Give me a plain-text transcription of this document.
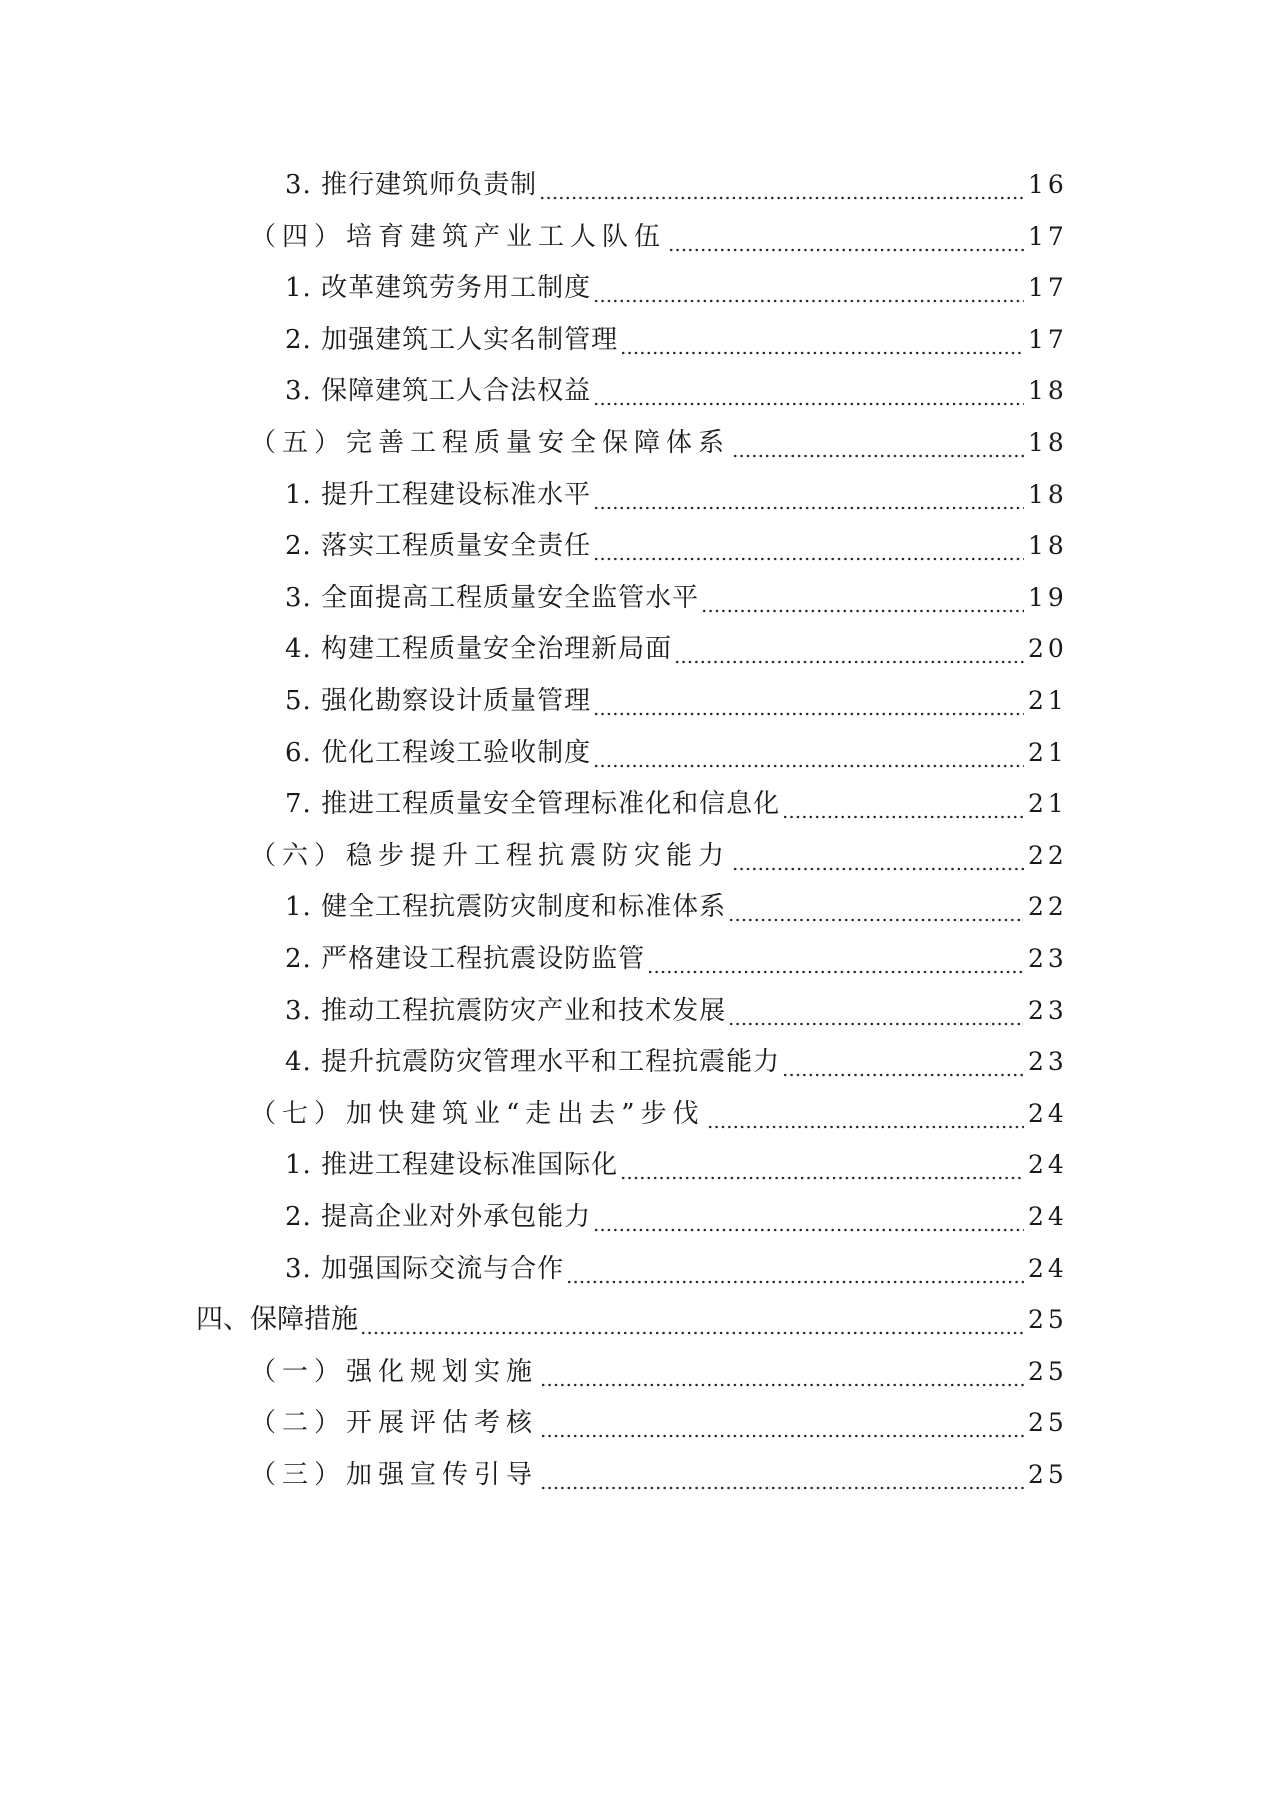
3. 推行建筑师负责制	16
（四）培育建筑产业工人队伍	17
1. 改革建筑劳务用工制度	17
2. 加强建筑工人实名制管理	17
3. 保障建筑工人合法权益	18
（五）完善工程质量安全保障体系	18
1. 提升工程建设标准水平	18
2. 落实工程质量安全责任	18
3. 全面提高工程质量安全监管水平	19
4. 构建工程质量安全治理新局面	20
5. 强化勘察设计质量管理	21
6. 优化工程竣工验收制度	21
7. 推进工程质量安全管理标准化和信息化	21
（六）稳步提升工程抗震防灾能力	22
1. 健全工程抗震防灾制度和标准体系	22
2. 严格建设工程抗震设防监管	23
3. 推动工程抗震防灾产业和技术发展	23
4. 提升抗震防灾管理水平和工程抗震能力	23
（七）加快建筑业“走出去”步伐	24
1. 推进工程建设标准国际化	24
2. 提高企业对外承包能力	24
3. 加强国际交流与合作	24
四、保障措施	25
（一）强化规划实施	25
（二）开展评估考核	25
（三）加强宣传引导	25
